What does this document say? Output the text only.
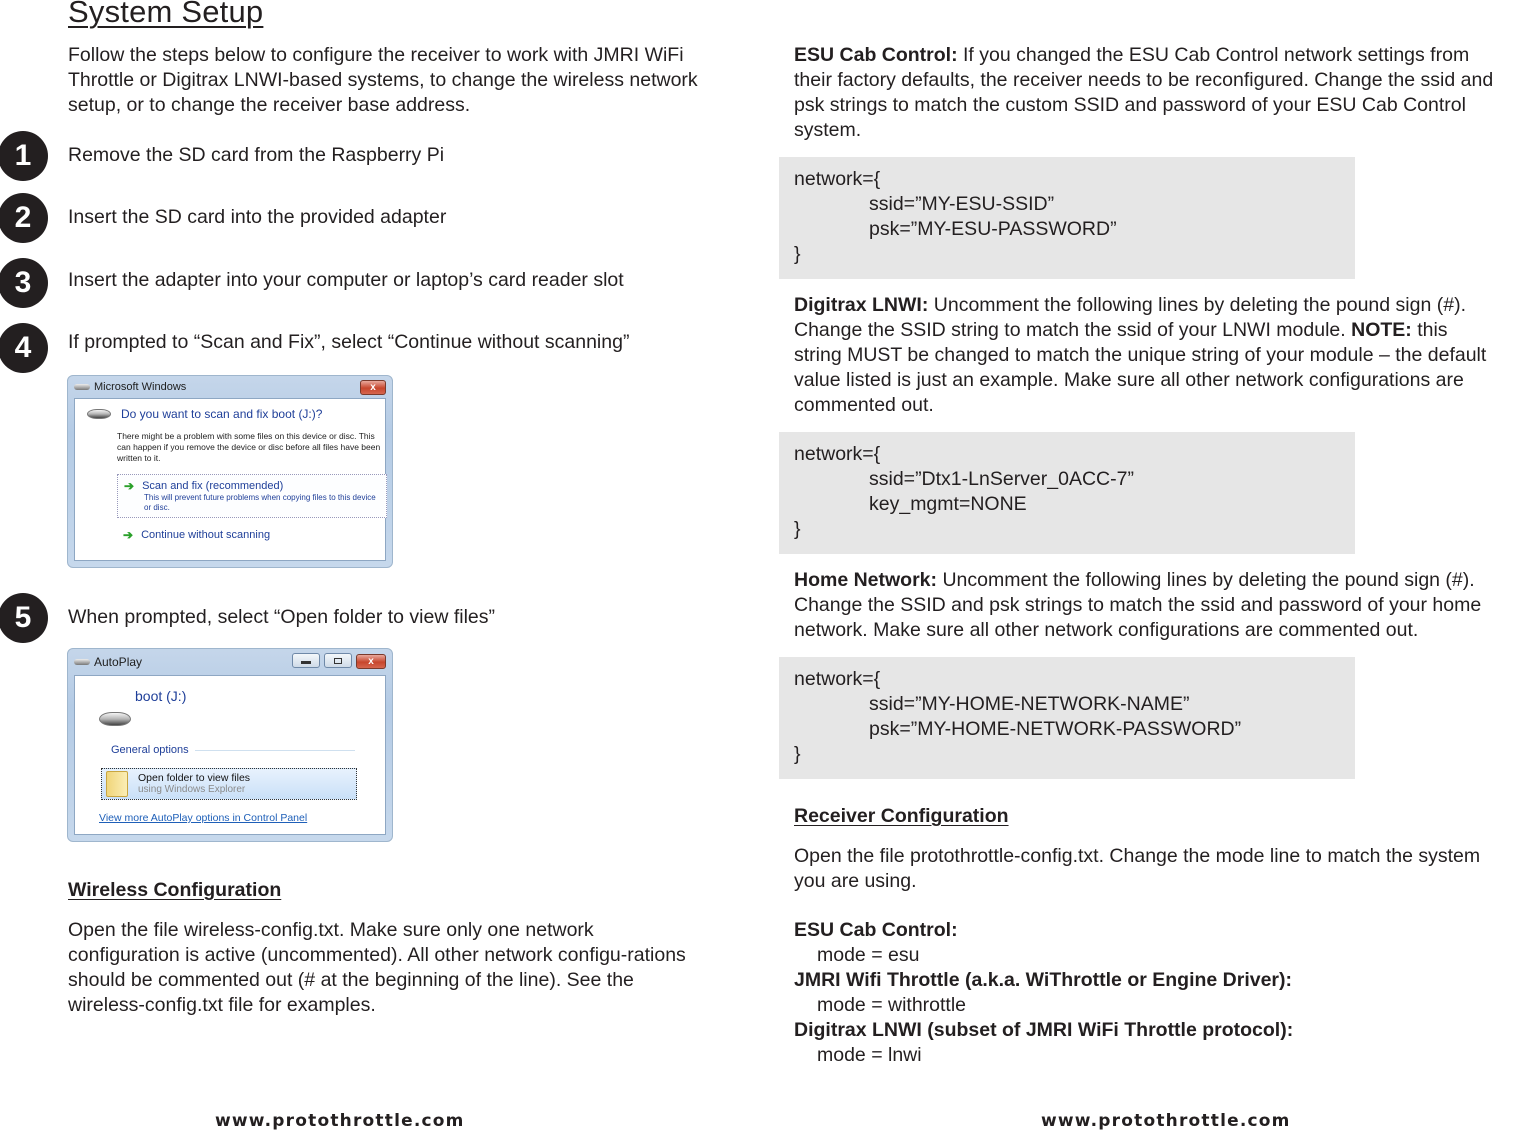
System Setup
Follow the steps below to configure the receiver to work with JMRI WiFi Throttle or Digitrax LNWI-based systems, to change the wireless network setup, or to change the receiver base address.
1	Remove the SD card from the Raspberry Pi
2	Insert the SD card into the provided adapter
3	Insert the adapter into your computer or laptop’s card reader slot
4	If prompted to “Scan and Fix”, select “Continue without scanning”
Microsoft Windows	x
Do you want to scan and fix boot (J:)?
There might be a problem with some files on this device or disc. This can happen if you remove the device or disc before all files have been written to it.
➔ Scan and fix (recommended)
This will prevent future problems when copying files to this device or disc.
➔ Continue without scanning
5	When prompted, select “Open folder to view files”
AutoPlay	x
boot (J:)
General options
Open folder to view files
using Windows Explorer
View more AutoPlay options in Control Panel
Wireless Configuration
Open the file wireless-config.txt. Make sure only one network configuration is active (uncommented). All other network configu-rations should be commented out (# at the beginning of the line). See the wireless-config.txt file for examples.
www.protothrottle.com
ESU Cab Control: If you changed the ESU Cab Control network settings from their factory defaults, the receiver needs to be reconfigured. Change the ssid and psk strings to match the custom SSID and password of your ESU Cab Control system.
network={
ssid=”MY-ESU-SSID”
psk=”MY-ESU-PASSWORD”
}
Digitrax LNWI: Uncomment the following lines by deleting the pound sign (#). Change the SSID string to match the ssid of your LNWI module. NOTE: this string MUST be changed to match the unique string of your module – the default value listed is just an example. Make sure all other network configurations are commented out.
network={
ssid=”Dtx1-LnServer_0ACC-7”
key_mgmt=NONE
}
Home Network: Uncomment the following lines by deleting the pound sign (#). Change the SSID and psk strings to match the ssid and password of your home network. Make sure all other network configurations are commented out.
network={
ssid=”MY-HOME-NETWORK-NAME”
psk=”MY-HOME-NETWORK-PASSWORD”
}
Receiver Configuration
Open the file protothrottle-config.txt. Change the mode line to match the system you are using.
ESU Cab Control:
mode = esu
JMRI Wifi Throttle (a.k.a. WiThrottle or Engine Driver):
mode = withrottle
Digitrax LNWI (subset of JMRI WiFi Throttle protocol):
mode = lnwi
www.protothrottle.com
